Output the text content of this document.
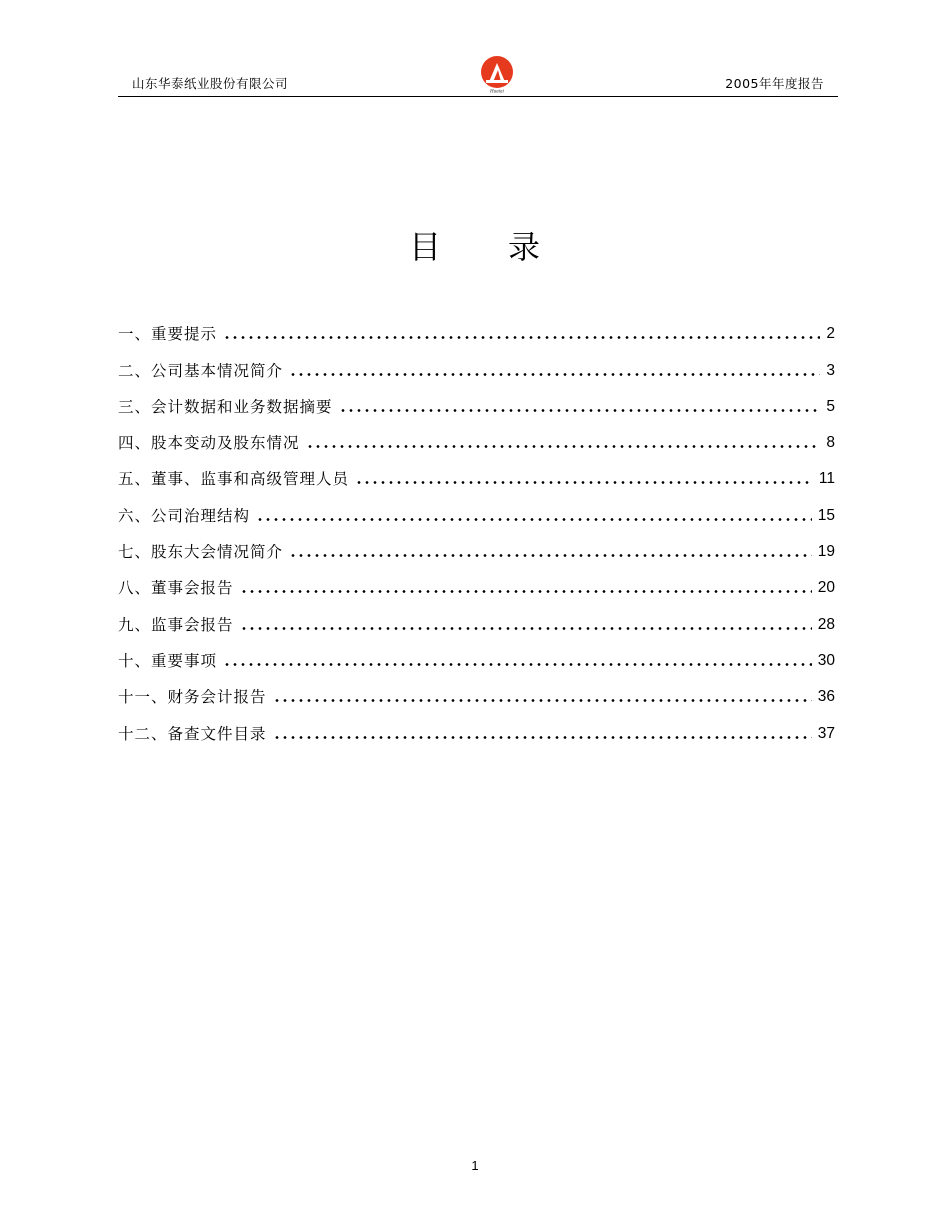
山东华泰纸业股份有限公司
Huatai
2005年年度报告
目 录
一、重要提示	2
二、公司基本情况简介	3
三、会计数据和业务数据摘要	5
四、股本变动及股东情况	8
五、董事、监事和高级管理人员	11
六、公司治理结构	15
七、股东大会情况简介	19
八、董事会报告	20
九、监事会报告	28
十、重要事项	30
十一、财务会计报告	36
十二、备查文件目录	37
1
